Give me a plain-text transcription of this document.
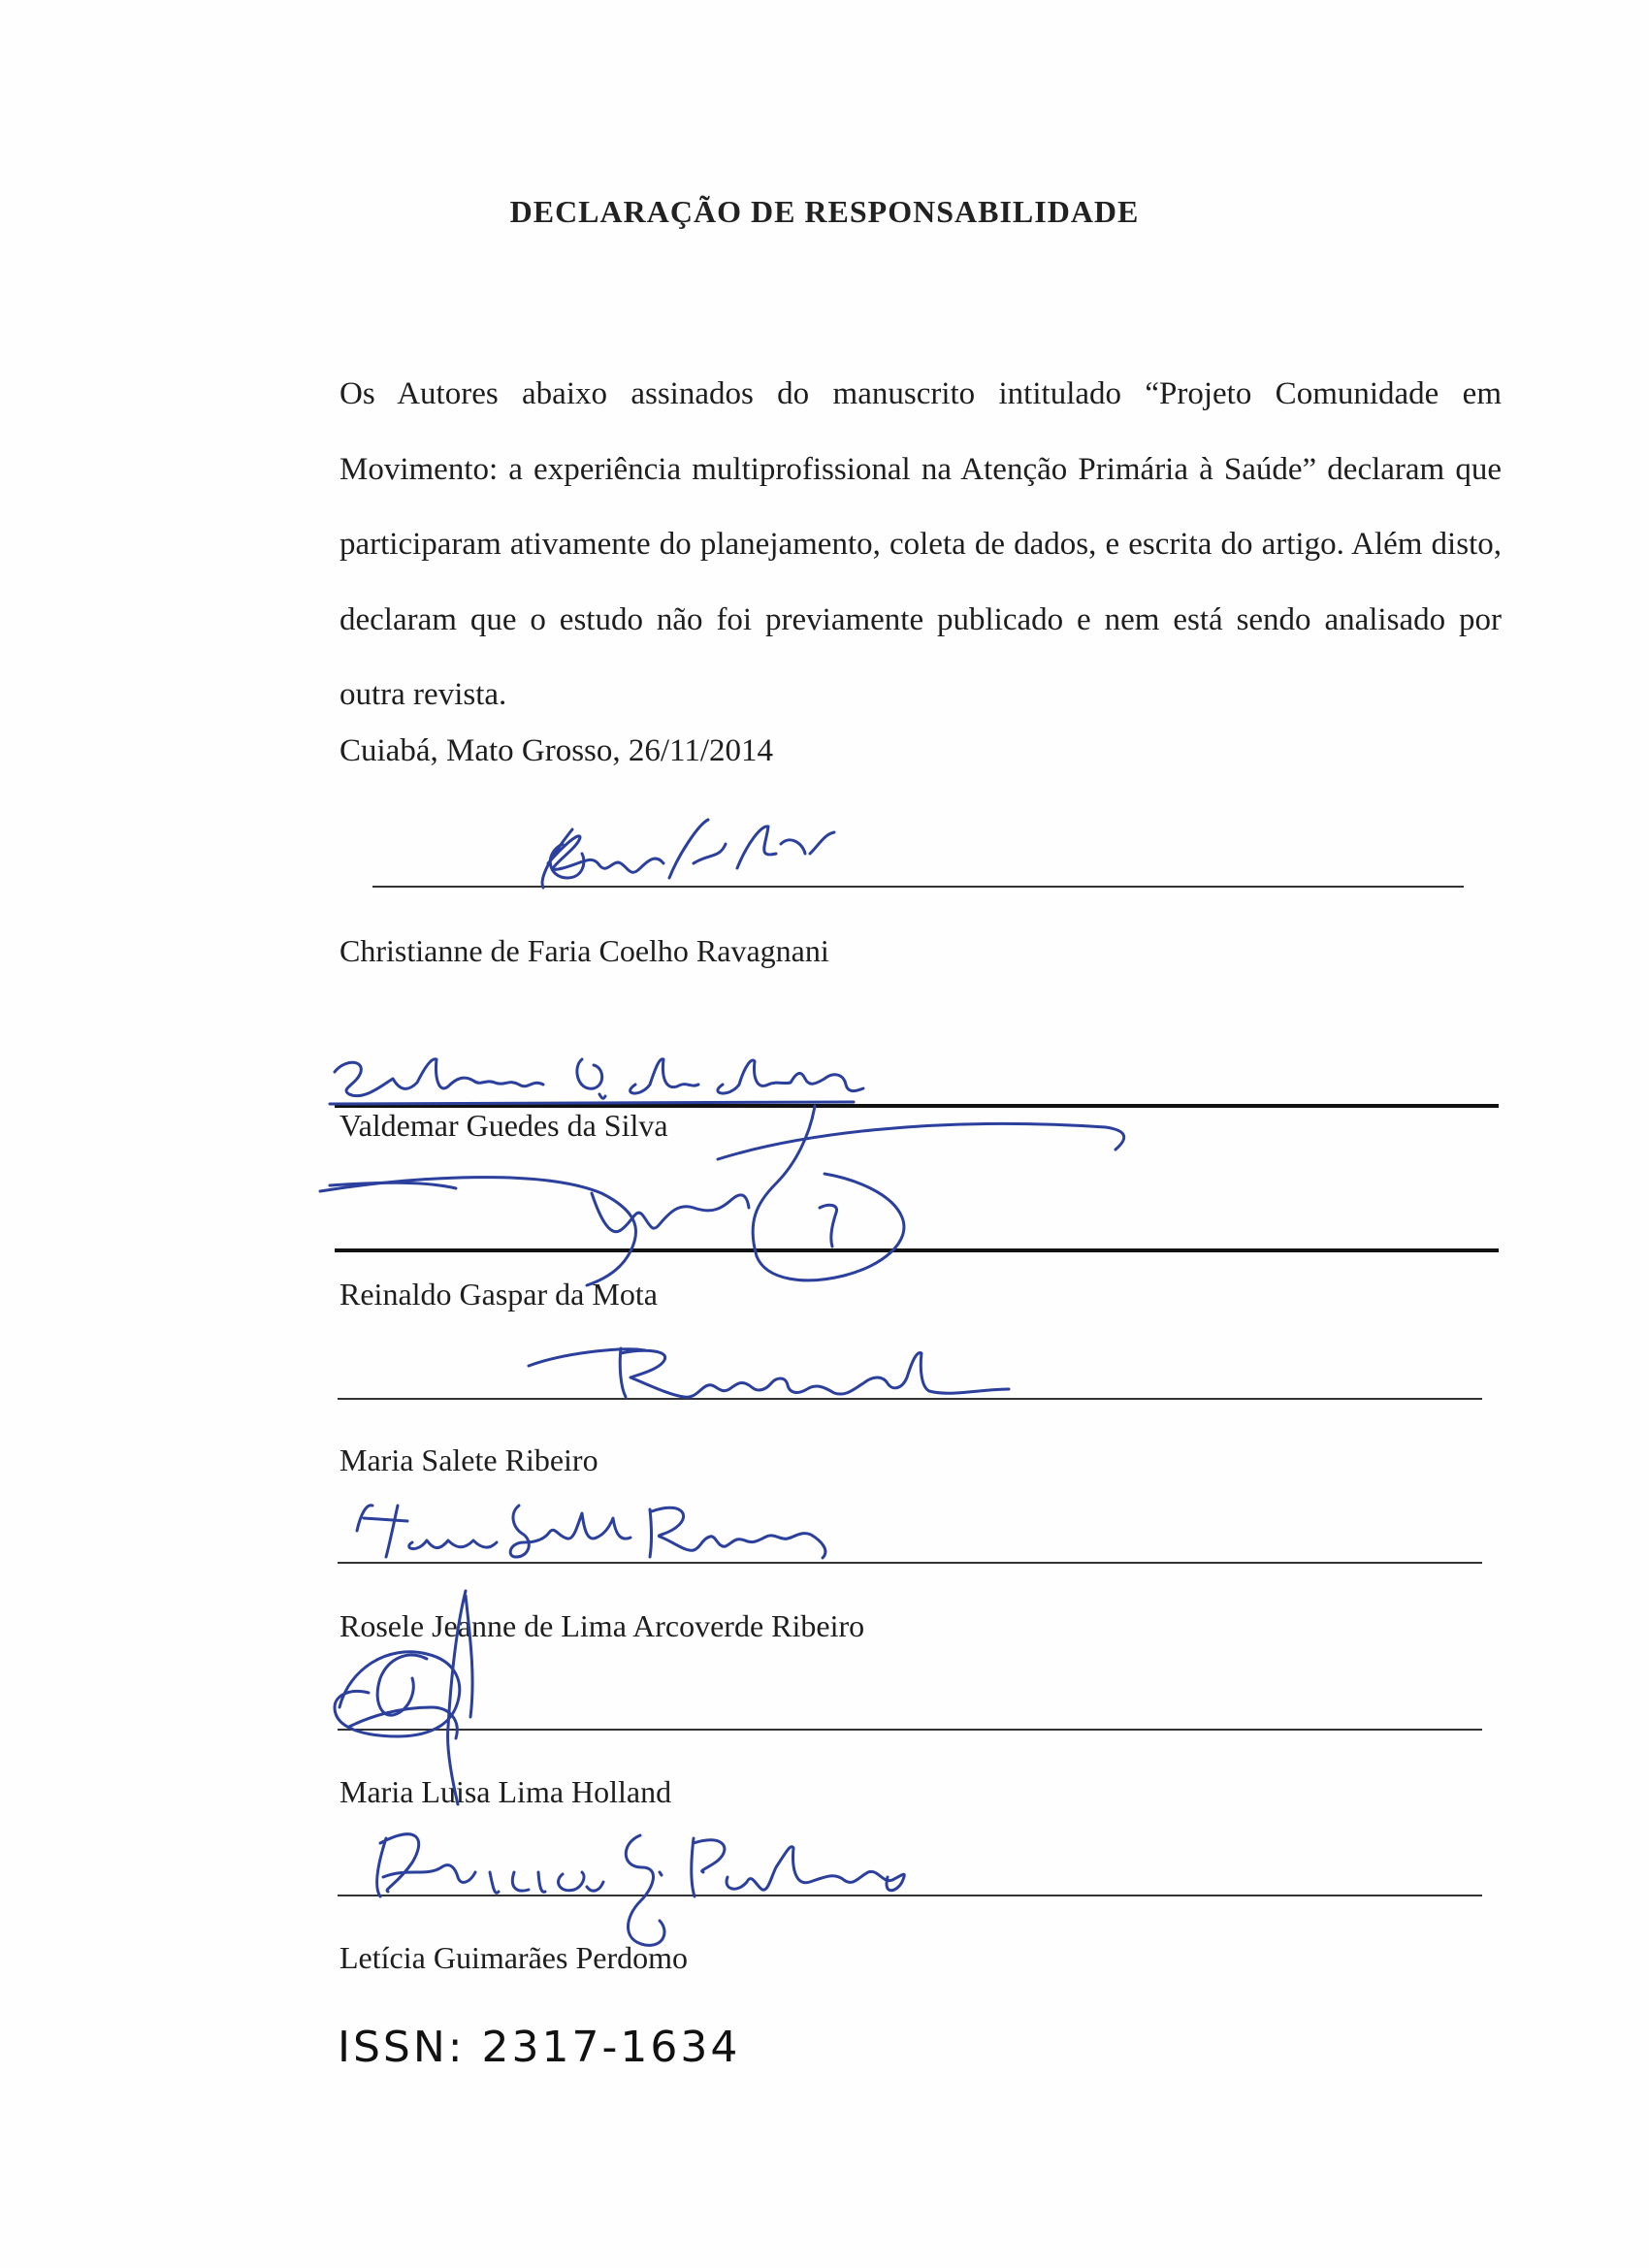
DECLARAÇÃO DE RESPONSABILIDADE
Os Autores abaixo assinados do manuscrito intitulado “Projeto Comunidade em Movimento: a experiência multiprofissional na Atenção Primária à Saúde” declaram que participaram ativamente do planejamento, coleta de dados, e escrita do artigo. Além disto, declaram que o estudo não foi previamente publicado e nem está sendo analisado por outra revista.
Cuiabá, Mato Grosso, 26/11/2014
Christianne de Faria Coelho Ravagnani
Valdemar Guedes da Silva
Reinaldo Gaspar da Mota
Maria Salete Ribeiro
Rosele Jeanne de Lima Arcoverde Ribeiro
Maria Luisa Lima Holland
Letícia Guimarães Perdomo
ISSN: 2317-1634
